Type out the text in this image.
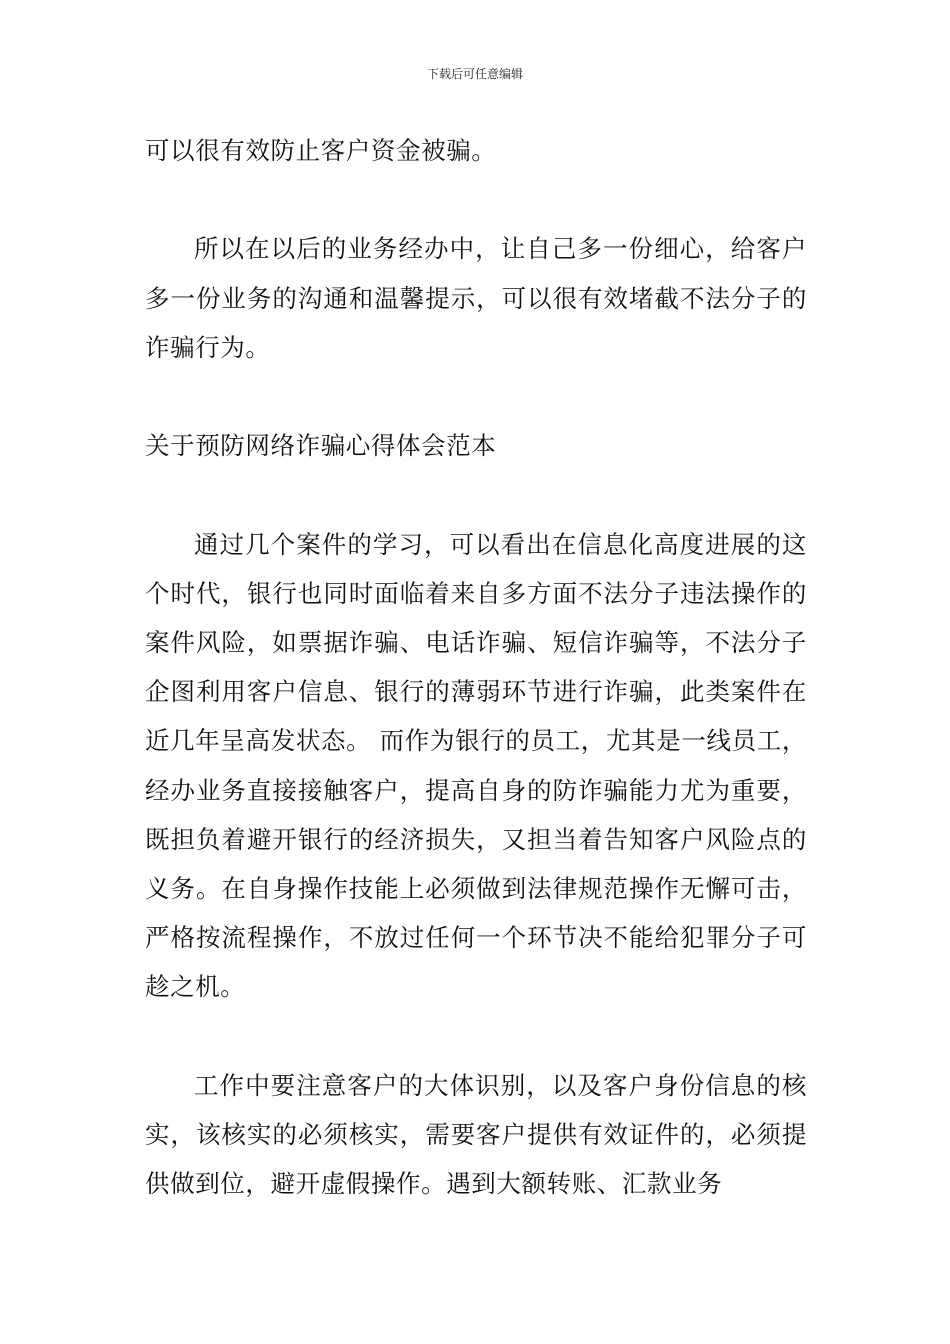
下载后可任意编辑

可以很有效防止客户资金被骗。

所以在以后的业务经办中，让自己多一份细心，给客户多一份业务的沟通和温馨提示，可以很有效堵截不法分子的诈骗行为。

关于预防网络诈骗心得体会范本

通过几个案件的学习，可以看出在信息化高度进展的这个时代，银行也同时面临着来自多方面不法分子违法操作的案件风险，如票据诈骗、电话诈骗、短信诈骗等，不法分子企图利用客户信息、银行的薄弱环节进行诈骗，此类案件在近几年呈高发状态。 而作为银行的员工，尤其是一线员工，经办业务直接接触客户，提高自身的防诈骗能力尤为重要，既担负着避开银行的经济损失，又担当着告知客户风险点的义务。在自身操作技能上必须做到法律规范操作无懈可击，严格按流程操作，不放过任何一个环节决不能给犯罪分子可趁之机。

工作中要注意客户的大体识别，以及客户身份信息的核实，该核实的必须核实，需要客户提供有效证件的，必须提供做到位，避开虚假操作。遇到大额转账、汇款业务
